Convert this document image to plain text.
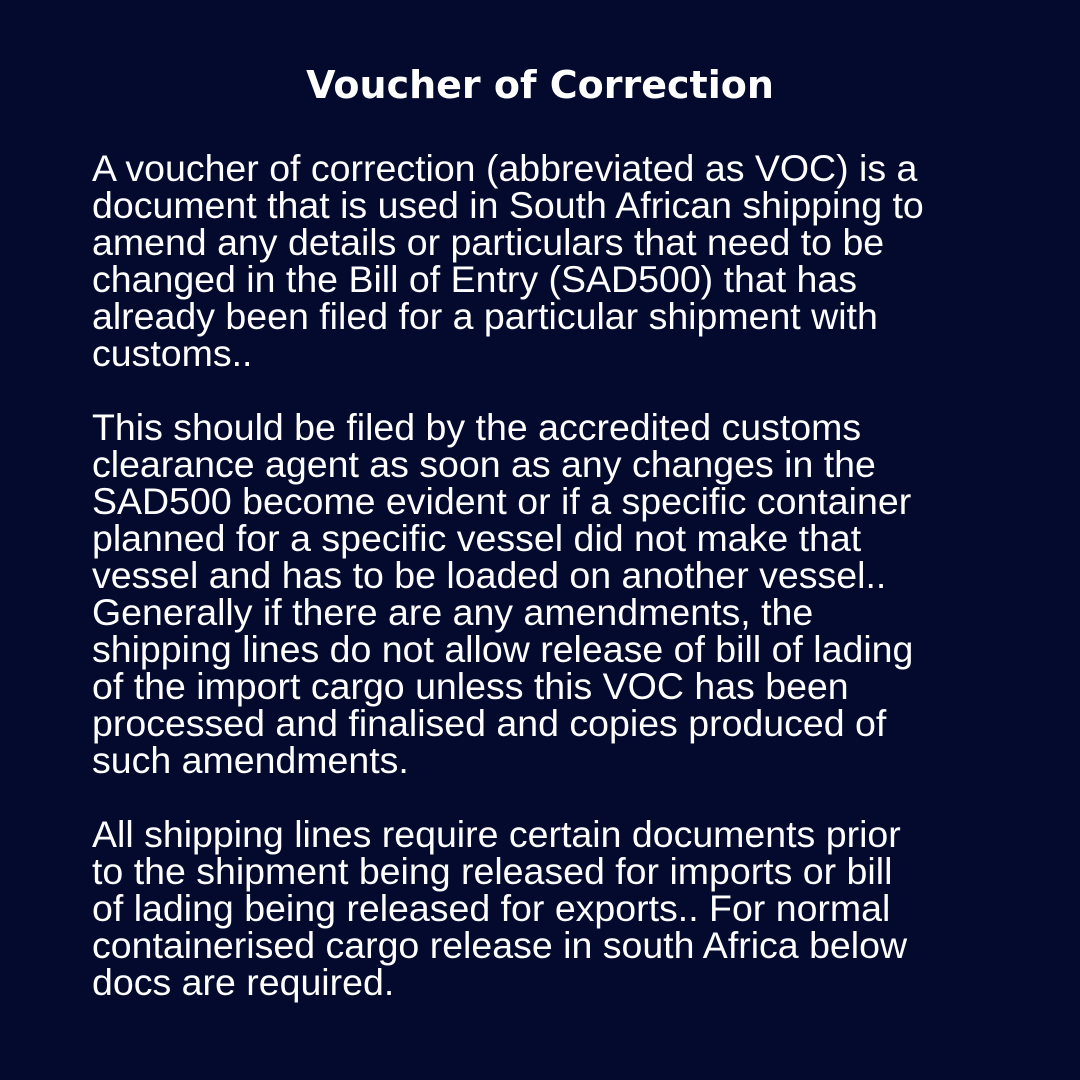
Voucher of Correction
A voucher of correction (abbreviated as VOC) is a
document that is used in South African shipping to
amend any details or particulars that need to be
changed in the Bill of Entry (SAD500) that has
already been filed for a particular shipment with
customs..
This should be filed by the accredited customs
clearance agent as soon as any changes in the
SAD500 become evident or if a specific container
planned for a specific vessel did not make that
vessel and has to be loaded on another vessel..
Generally if there are any amendments, the
shipping lines do not allow release of bill of lading
of the import cargo unless this VOC has been
processed and finalised and copies produced of
such amendments.
All shipping lines require certain documents prior
to the shipment being released for imports or bill
of lading being released for exports.. For normal
containerised cargo release in south Africa below
docs are required.
